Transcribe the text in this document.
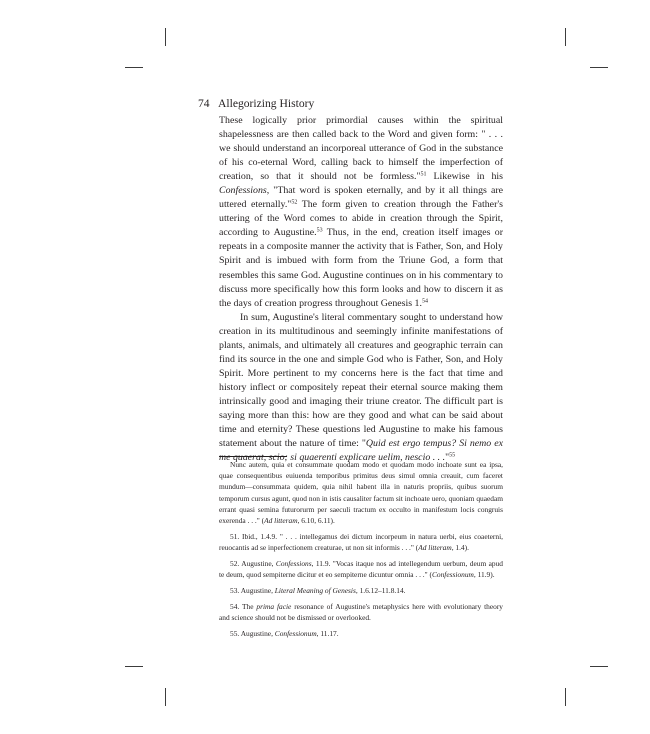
74 Allegorizing History

These logically prior primordial causes within the spiritual shapelessness are then called back to the Word and given form: " . . . we should understand an incorporeal utterance of God in the substance of his co-eternal Word, calling back to himself the imperfection of creation, so that it should not be formless."$^{51}$ Likewise in his Confessions, "That word is spoken eternally, and by it all things are uttered eternally."$^{52}$ The form given to creation through the Father's uttering of the Word comes to abide in creation through the Spirit, according to Augustine.$^{53}$ Thus, in the end, creation itself images or repeats in a composite manner the activity that is Father, Son, and Holy Spirit and is imbued with form from the Triune God, a form that resembles this same God. Augustine continues on in his commentary to discuss more specifically how this form looks and how to discern it as the days of creation progress throughout Genesis 1.54

In sum, Augustine's literal commentary sought to understand how creation in its multitudinous and seemingly infinite manifestations of plants, animals, and ultimately all creatures and geographic terrain can find its source in the one and simple God who is Father, Son, and Holy Spirit. More pertinent to my concerns here is the fact that time and history inflect or compositely repeat their eternal source making them intrinsically good and imaging their triune creator. The difficult part is saying more than this: how are they good and what can be said about time and eternity? These questions led Augustine to make his famous statement about the nature of time: "Quid est ergo tempus? Si nemo ex me quaerat, scio; si quaerenti explicare uelim, nescio . . ."$^{55}$

Nunc autem, quia et consummate quodam modo et quodam modo inchoate sunt ea ipsa, quae consequentibus euiuenda temporibus primitus deus simul omnia creauit, cum faceret mundum—consummata quidem, quia nihil habent illa in naturis propriis, quibus suorum temporum cursus agunt, quod non in istis causaliter factum sit inchoate uero, quoniam quaedam errant quasi semina futurorurm per saeculi tractum ex occulto in manifestum locis congruis exerenda . . ." (Ad litteram, 6.10, 6.11).

51. Ibid., 1.4.9. " . . . intellegamus dei dictum incorpeum in natura uerbi, eius coaeterni, reuocantis ad se inperfectionem creaturae, ut non sit informis . . ." (Ad litteram, 1.4).

52. Augustine, Confessions, 11.9. "Vocas itaque nos ad intellegendum uerbum, deum apud te deum, quod sempiterne dicitur et eo sempiterne dicuntur omnia . . ." (Confessionum, 11.9).

53. Augustine, Literal Meaning of Genesis, 1.6.12–11.8.14.

54. The prima facie resonance of Augustine's metaphysics here with evolutionary theory and science should not be dismissed or overlooked.

55. Augustine, Confessionum, 11.17.
